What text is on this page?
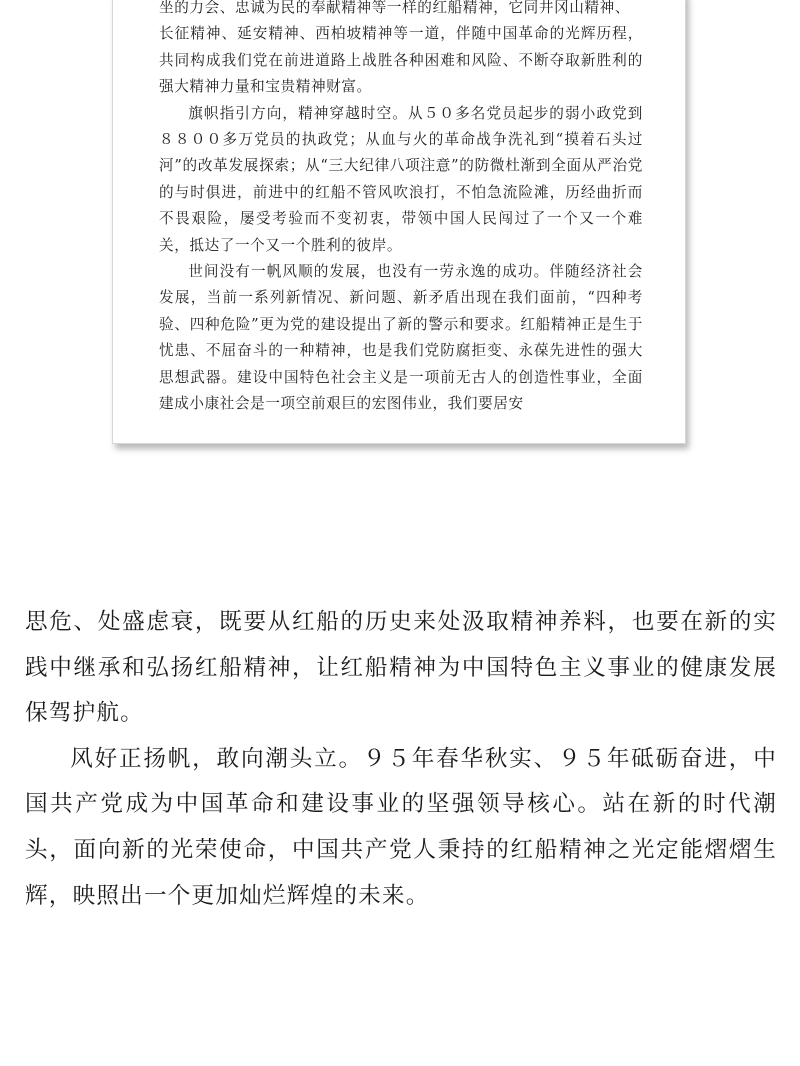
坐的力会、忠诚为民的奉献精神等一样的红船精神，它同井冈山精神、

长征精神、延安精神、西柏坡精神等一道，伴随中国革命的光辉历程，共同构成我们党在前进道路上战胜各种困难和风险、不断夺取新胜利的强大精神力量和宝贵精神财富。

旗帜指引方向，精神穿越时空。从５０多名党员起步的弱小政党到８８００多万党员的执政党；从血与火的革命战争洗礼到“摸着石头过河”的改革发展探索；从“三大纪律八项注意”的防微杜渐到全面从严治党的与时俱进，前进中的红船不管风吹浪打，不怕急流险滩，历经曲折而不畏艰险，屡受考验而不变初衷，带领中国人民闯过了一个又一个难关，抵达了一个又一个胜利的彼岸。

世间没有一帆风顺的发展，也没有一劳永逸的成功。伴随经济社会发展，当前一系列新情况、新问题、新矛盾出现在我们面前，“四种考验、四种危险”更为党的建设提出了新的警示和要求。红船精神正是生于忧患、不屈奋斗的一种精神，也是我们党防腐拒变、永葆先进性的强大思想武器。建设中国特色社会主义是一项前无古人的创造性事业，全面建成小康社会是一项空前艰巨的宏图伟业，我们要居安

思危、处盛虑衰，既要从红船的历史来处汲取精神养料，也要在新的实践中继承和弘扬红船精神，让红船精神为中国特色主义事业的健康发展保驾护航。

风好正扬帆，敢向潮头立。９５年春华秋实、９５年砥砺奋进，中国共产党成为中国革命和建设事业的坚强领导核心。站在新的时代潮头，面向新的光荣使命，中国共产党人秉持的红船精神之光定能熠熠生辉，映照出一个更加灿烂辉煌的未来。
